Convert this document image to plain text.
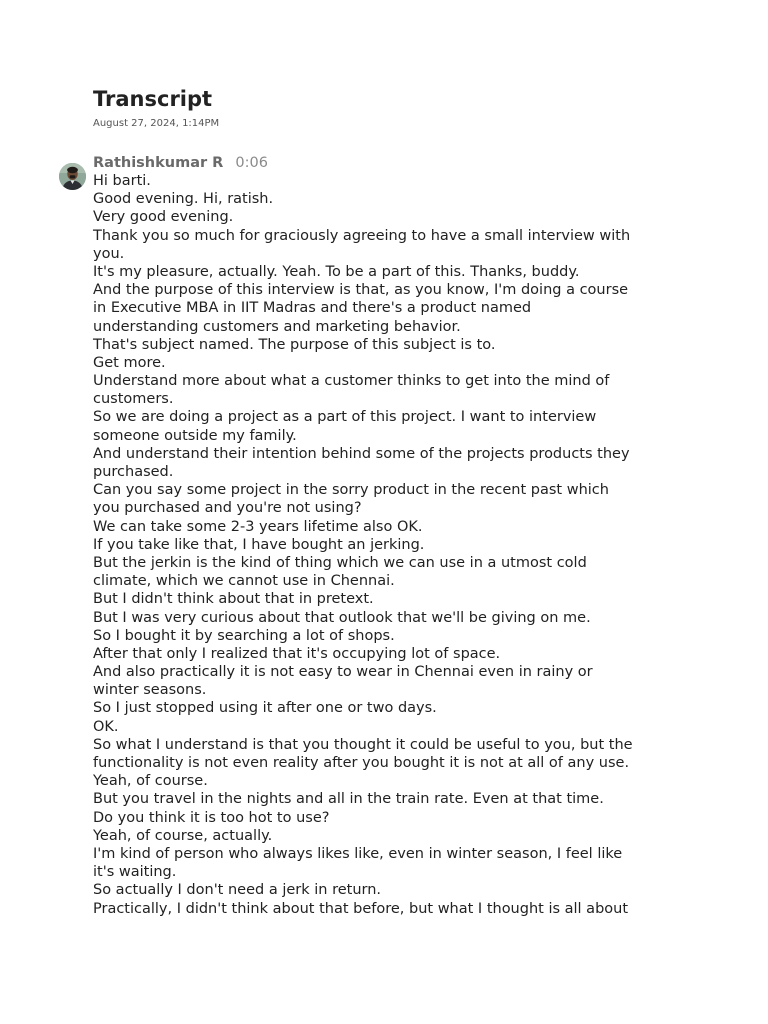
Transcript
August 27, 2024, 1:14PM
Rathishkumar R 0:06
Hi barti.
Good evening. Hi, ratish.
Very good evening.
Thank you so much for graciously agreeing to have a small interview with
you.
It's my pleasure, actually. Yeah. To be a part of this. Thanks, buddy.
And the purpose of this interview is that, as you know, I'm doing a course
in Executive MBA in IIT Madras and there's a product named
understanding customers and marketing behavior.
That's subject named. The purpose of this subject is to.
Get more.
Understand more about what a customer thinks to get into the mind of
customers.
So we are doing a project as a part of this project. I want to interview
someone outside my family.
And understand their intention behind some of the projects products they
purchased.
Can you say some project in the sorry product in the recent past which
you purchased and you're not using?
We can take some 2-3 years lifetime also OK.
If you take like that, I have bought an jerking.
But the jerkin is the kind of thing which we can use in a utmost cold
climate, which we cannot use in Chennai.
But I didn't think about that in pretext.
But I was very curious about that outlook that we'll be giving on me.
So I bought it by searching a lot of shops.
After that only I realized that it's occupying lot of space.
And also practically it is not easy to wear in Chennai even in rainy or
winter seasons.
So I just stopped using it after one or two days.
OK.
So what I understand is that you thought it could be useful to you, but the
functionality is not even reality after you bought it is not at all of any use.
Yeah, of course.
But you travel in the nights and all in the train rate. Even at that time.
Do you think it is too hot to use?
Yeah, of course, actually.
I'm kind of person who always likes like, even in winter season, I feel like
it's waiting.
So actually I don't need a jerk in return.
Practically, I didn't think about that before, but what I thought is all about
